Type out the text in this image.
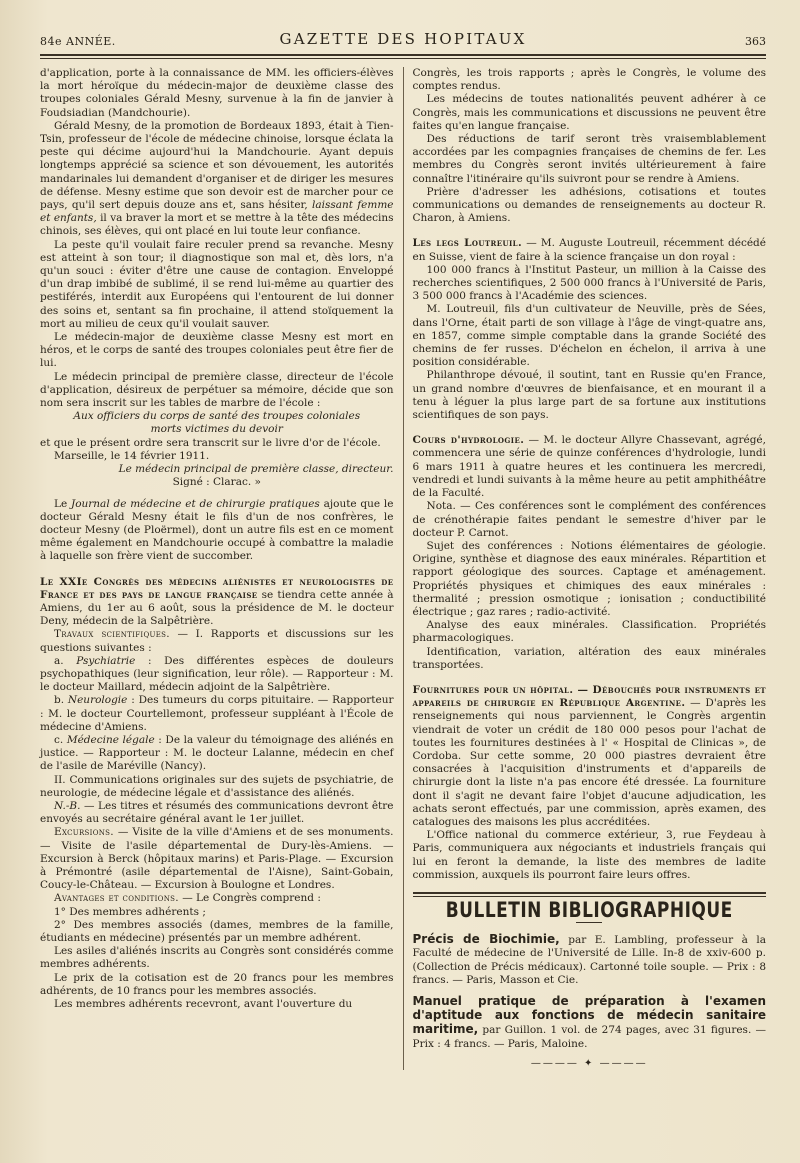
84e ANNÉE.	GAZETTE DES HOPITAUX	363

d'application, porte à la connaissance de MM. les officiers-élèves la mort héroïque du médecin-major de deuxième classe des troupes coloniales Gérald Mesny, survenue à la fin de janvier à Foudsiadian (Mandchourie).

Gérald Mesny, de la promotion de Bordeaux 1893, était à Tien-Tsin, professeur de l'école de médecine chinoise, lorsque éclata la peste qui décime aujourd'hui la Mandchourie. Ayant depuis longtemps apprécié sa science et son dévouement, les autorités mandarinales lui demandent d'organiser et de diriger les mesures de défense. Mesny estime que son devoir est de marcher pour ce pays, qu'il sert depuis douze ans et, sans hésiter, laissant femme et enfants, il va braver la mort et se mettre à la tête des médecins chinois, ses élèves, qui ont placé en lui toute leur confiance.

La peste qu'il voulait faire reculer prend sa revanche. Mesny est atteint à son tour; il diagnostique son mal et, dès lors, n'a qu'un souci : éviter d'être une cause de contagion. Enveloppé d'un drap imbibé de sublimé, il se rend lui-même au quartier des pestiférés, interdit aux Européens qui l'entourent de lui donner des soins et, sentant sa fin prochaine, il attend stoïquement la mort au milieu de ceux qu'il voulait sauver.

Le médecin-major de deuxième classe Mesny est mort en héros, et le corps de santé des troupes coloniales peut être fier de lui.

Le médecin principal de première classe, directeur de l'école d'application, désireux de perpétuer sa mémoire, décide que son nom sera inscrit sur les tables de marbre de l'école :

Aux officiers du corps de santé des troupes coloniales

morts victimes du devoir

et que le présent ordre sera transcrit sur le livre d'or de l'école.

Marseille, le 14 février 1911.

Le médecin principal de première classe, directeur.

Signé : Clarac. »

Le Journal de médecine et de chirurgie pratiques ajoute que le docteur Gérald Mesny était le fils d'un de nos confrères, le docteur Mesny (de Ploërmel), dont un autre fils est en ce moment même également en Mandchourie occupé à combattre la maladie à laquelle son frère vient de succomber.

Le XXIe Congrès des médecins aliénistes et neurologistes de France et des pays de langue française se tiendra cette année à Amiens, du 1er au 6 août, sous la présidence de M. le docteur Deny, médecin de la Salpêtrière.

Travaux scientifiques. — I. Rapports et discussions sur les questions suivantes :

a. Psychiatrie : Des différentes espèces de douleurs psychopathiques (leur signification, leur rôle). — Rapporteur : M. le docteur Maillard, médecin adjoint de la Salpêtrière.

b. Neurologie : Des tumeurs du corps pituitaire. — Rapporteur : M. le docteur Courtellemont, professeur suppléant à l'École de médecine d'Amiens.

c. Médecine légale : De la valeur du témoignage des aliénés en justice. — Rapporteur : M. le docteur Lalanne, médecin en chef de l'asile de Maréville (Nancy).

II. Communications originales sur des sujets de psychiatrie, de neurologie, de médecine légale et d'assistance des aliénés.

N.-B. — Les titres et résumés des communications devront être envoyés au secrétaire général avant le 1er juillet.

Excursions. — Visite de la ville d'Amiens et de ses monuments. — Visite de l'asile départemental de Dury-lès-Amiens. — Excursion à Berck (hôpitaux marins) et Paris-Plage. — Excursion à Prémontré (asile départemental de l'Aisne), Saint-Gobain, Coucy-le-Château. — Excursion à Boulogne et Londres.

Avantages et conditions. — Le Congrès comprend :

1° Des membres adhérents ;

2° Des membres associés (dames, membres de la famille, étudiants en médecine) présentés par un membre adhérent.

Les asiles d'aliénés inscrits au Congrès sont considérés comme membres adhérents.

Le prix de la cotisation est de 20 francs pour les membres adhérents, de 10 francs pour les membres associés.

Les membres adhérents recevront, avant l'ouverture du

Congrès, les trois rapports ; après le Congrès, le volume des comptes rendus.

Les médecins de toutes nationalités peuvent adhérer à ce Congrès, mais les communications et discussions ne peuvent être faites qu'en langue française.

Des réductions de tarif seront très vraisemblablement accordées par les compagnies françaises de chemins de fer. Les membres du Congrès seront invités ultérieurement à faire connaître l'itinéraire qu'ils suivront pour se rendre à Amiens.

Prière d'adresser les adhésions, cotisations et toutes communications ou demandes de renseignements au docteur R. Charon, à Amiens.

Les legs Loutreuil. — M. Auguste Loutreuil, récemment décédé en Suisse, vient de faire à la science française un don royal :

100 000 francs à l'Institut Pasteur, un million à la Caisse des recherches scientifiques, 2 500 000 francs à l'Université de Paris, 3 500 000 francs à l'Académie des sciences.

M. Loutreuil, fils d'un cultivateur de Neuville, près de Sées, dans l'Orne, était parti de son village à l'âge de vingt-quatre ans, en 1857, comme simple comptable dans la grande Société des chemins de fer russes. D'échelon en échelon, il arriva à une position considérable.

Philanthrope dévoué, il soutint, tant en Russie qu'en France, un grand nombre d'œuvres de bienfaisance, et en mourant il a tenu à léguer la plus large part de sa fortune aux institutions scientifiques de son pays.

Cours d'hydrologie. — M. le docteur Allyre Chassevant, agrégé, commencera une série de quinze conférences d'hydrologie, lundi 6 mars 1911 à quatre heures et les continuera les mercredi, vendredi et lundi suivants à la même heure au petit amphithéâtre de la Faculté.

Nota. — Ces conférences sont le complément des conférences de crénothérapie faites pendant le semestre d'hiver par le docteur P. Carnot.

Sujet des conférences : Notions élémentaires de géologie. Origine, synthèse et diagnose des eaux minérales. Répartition et rapport géologique des sources. Captage et aménagement. Propriétés physiques et chimiques des eaux minérales : thermalité ; pression osmotique ; ionisation ; conductibilité électrique ; gaz rares ; radio-activité.

Analyse des eaux minérales. Classification. Propriétés pharmacologiques.

Identification, variation, altération des eaux minérales transportées.

Fournitures pour un hôpital. — Débouchés pour instruments et appareils de chirurgie en République Argentine. — D'après les renseignements qui nous parviennent, le Congrès argentin viendrait de voter un crédit de 180 000 pesos pour l'achat de toutes les fournitures destinées à l' « Hospital de Clinicas », de Cordoba. Sur cette somme, 20 000 piastres devraient être consacrées à l'acquisition d'instruments et d'appareils de chirurgie dont la liste n'a pas encore été dressée. La fourniture dont il s'agit ne devant faire l'objet d'aucune adjudication, les achats seront effectués, par une commission, après examen, des catalogues des maisons les plus accréditées.

L'Office national du commerce extérieur, 3, rue Feydeau à Paris, communiquera aux négociants et industriels français qui lui en feront la demande, la liste des membres de ladite commission, auxquels ils pourront faire leurs offres.

BULLETIN BIBLIOGRAPHIQUE

Précis de Biochimie, par E. Lambling, professeur à la Faculté de médecine de l'Université de Lille. In-8 de xxiv-600 p. (Collection de Précis médicaux). Cartonné toile souple. — Prix : 8 francs. — Paris, Masson et Cie.

Manuel pratique de préparation à l'examen d'aptitude aux fonctions de médecin sanitaire maritime, par Guillon. 1 vol. de 274 pages, avec 31 figures. — Prix : 4 francs. — Paris, Maloine.

———— ✦ ————
